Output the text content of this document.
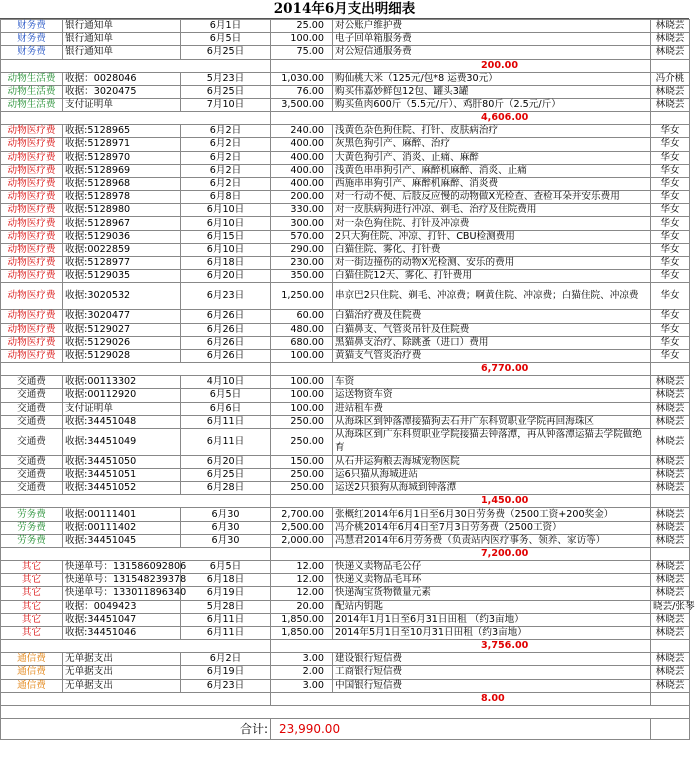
2014年6月支出明细表
财务费	银行通知单	6月1日	25.00	对公账户维护费	林晓芸
财务费	银行通知单	6月5日	100.00	电子回单箱服务费	林晓芸
财务费	银行通知单	6月25日	75.00	对公短信通服务费	林晓芸
			200.00		
动物生活费	收据：0028046	5月23日	1,030.00	购仙桃大米（125元/包*8 运费30元）	冯介桃
动物生活费	收据：3020475	6月25日	76.00	购买伟嘉妙鲜包12包、罐头3罐	林晓芸
动物生活费	支付证明单	7月10日	3,500.00	购买鱼肉600斤（5.5元/斤）、鸡肝80斤（2.5元/斤）	林晓芸
			4,606.00		
动物医疗费	收据:5128965	6月2日	240.00	浅黄色杂色狗住院、打针、皮肤病治疗	华女
动物医疗费	收据:5128971	6月2日	400.00	灰黑色狗引产、麻醉、治疗	华女
动物医疗费	收据:5128970	6月2日	400.00	大黄色狗引产、消炎、止痛、麻醉	华女
动物医疗费	收据:5128969	6月2日	400.00	浅黄色串串狗引产、麻醉机麻醉、消炎、止痛	华女
动物医疗费	收据:5128968	6月2日	400.00	西施串串狗引产、麻醉机麻醉、消炎费	华女
动物医疗费	收据:5128978	6月8日	200.00	对一行动不便、后肢反应慢的动物做X光检查、查检耳朵并安乐费用	华女
动物医疗费	收据:5128980	6月10日	330.00	对一皮肤病狗进行冲凉、剃毛、治疗及住院费用	华女
动物医疗费	收据:5128967	6月10日	300.00	对一杂色狗住院、打针及冲凉费	华女
动物医疗费	收据:5129036	6月15日	570.00	2只大狗住院、冲凉、打针、CBU检测费用	华女
动物医疗费	收据:0022859	6月10日	290.00	白猫住院、雾化、打针费	华女
动物医疗费	收据:5128977	6月18日	230.00	对一街边撞伤的动物X光检测、安乐的费用	华女
动物医疗费	收据:5129035	6月20日	350.00	白猫住院12天、雾化、打针费用	华女
动物医疗费	收据:3020532	6月23日	1,250.00	串京巴2只住院、剃毛、冲凉费；啊黄住院、冲凉费；白猫住院、冲凉费	华女
动物医疗费	收据:3020477	6月26日	60.00	白猫治疗费及住院费	华女
动物医疗费	收据:5129027	6月26日	480.00	白猫鼻支、气管炎吊针及住院费	华女
动物医疗费	收据:5129026	6月26日	680.00	黑猫鼻支治疗、除跳蚤（进口）费用	华女
动物医疗费	收据:5129028	6月26日	100.00	黄猫支气管炎治疗费	华女
			6,770.00		
交通费	收据:00113302	4月10日	100.00	车资	林晓芸
交通费	收据:00112920	6月5日	100.00	运送物资车资	林晓芸
交通费	支付证明单	6月6日	100.00	进站租车费	林晓芸
交通费	收据:34451048	6月11日	250.00	从海珠区到钟落潭接猫狗去石井广东科贸职业学院再回海珠区	林晓芸
交通费	收据:34451049	6月11日	250.00	从海珠区到广东科贸职业学院接猫去钟落潭，再从钟落潭运猫去学院做绝育	林晓芸
交通费	收据:34451050	6月20日	150.00	从石井运狗粮去海城宠物医院	林晓芸
交通费	收据:34451051	6月25日	250.00	运6只猫从海城进站	林晓芸
交通费	收据:34451052	6月28日	250.00	运送2只狼狗从海城到钟落潭	林晓芸
			1,450.00		
劳务费	收据:00111401	6月30	2,700.00	张概红2014年6月1日至6月30日劳务费（2500工资+200奖金）	林晓芸
劳务费	收据:00111402	6月30	2,500.00	冯介桃2014年6月4日至7月3日劳务费（2500工资）	林晓芸
劳务费	收据:34451045	6月30	2,000.00	冯慧君2014年6月劳务费（负责站内医疗事务、领养、家访等）	林晓芸
			7,200.00		
其它	快递单号：131586092806	6月5日	12.00	快递义卖物品毛公仔	林晓芸
其它	快递单号：131548239378	6月18日	12.00	快递义卖物品毛耳环	林晓芸
其它	快递单号：133011896340	6月19日	12.00	快递淘宝货物微量元素	林晓芸
其它	收据：0049423	5月28日	20.00	配站内钥匙	晓芸/张琴
其它	收据:34451047	6月11日	1,850.00	2014年1月1日至6月31日田租 （约3亩地）	林晓芸
其它	收据:34451046	6月11日	1,850.00	2014年5月1日至10月31日田租（约3亩地）	林晓芸
			3,756.00		
通信费	无单据支出	6月2日	3.00	建设银行短信费	林晓芸
通信费	无单据支出	6月19日	2.00	工商银行短信费	林晓芸
通信费	无单据支出	6月23日	3.00	中国银行短信费	林晓芸
			8.00		

合计:			23,990.00		
